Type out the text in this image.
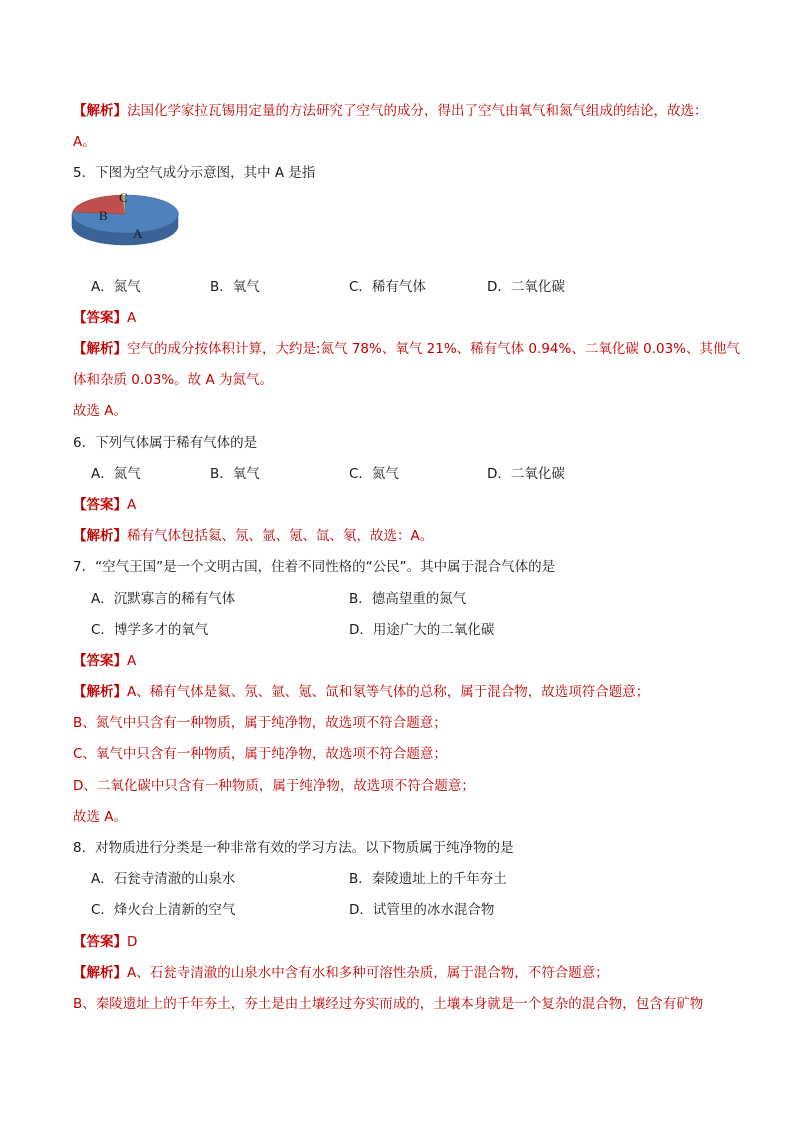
【解析】法国化学家拉瓦锡用定量的方法研究了空气的成分，得出了空气由氧气和氮气组成的结论，故选：
A。
5．下图为空气成分示意图，其中 A 是指
C
B
A
A．氮气	B．氧气	C．稀有气体	D．二氧化碳
【答案】A
【解析】空气的成分按体积计算，大约是:氮气 78%、氧气 21%、稀有气体 0.94%、二氧化碳 0.03%、其他气
体和杂质 0.03%。故 A 为氮气。
故选 A。
6．下列气体属于稀有气体的是
A．氮气	B．氧气	C．氮气	D．二氧化碳
【答案】A
【解析】稀有气体包括氦、氖、氩、氪、氙、氡，故选：A。
7．“空气王国”是一个文明古国，住着不同性格的“公民”。其中属于混合气体的是
A．沉默寡言的稀有气体	B．德高望重的氮气
C．博学多才的氧气	D．用途广大的二氧化碳
【答案】A
【解析】A、稀有气体是氦、氖、氩、氪、氙和氡等气体的总称，属于混合物，故选项符合题意；
B、氮气中只含有一种物质，属于纯净物，故选项不符合题意；
C、氧气中只含有一种物质，属于纯净物，故选项不符合题意；
D、二氧化碳中只含有一种物质，属于纯净物，故选项不符合题意；
故选 A。
8．对物质进行分类是一种非常有效的学习方法。以下物质属于纯净物的是
A．石瓮寺清澈的山泉水	B．秦陵遗址上的千年夯土
C．烽火台上清新的空气	D．试管里的冰水混合物
【答案】D
【解析】A、石瓮寺清澈的山泉水中含有水和多种可溶性杂质，属于混合物，不符合题意；
B、秦陵遗址上的千年夯土，夯土是由土壤经过夯实而成的，土壤本身就是一个复杂的混合物，包含有矿物
